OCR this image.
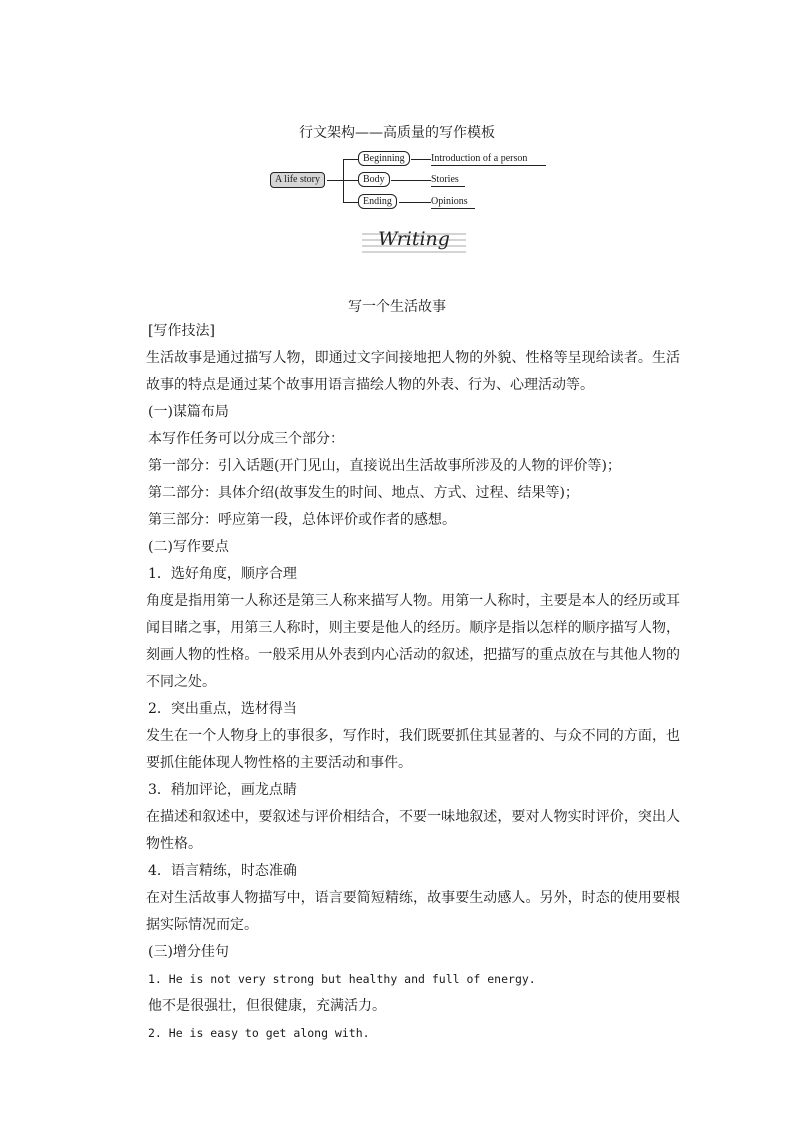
行文架构——高质量的写作模板
A life story
Beginning
Body
Ending
Introduction of a person
Stories
Opinions
Writing
写一个生活故事

[写作技法]

生活故事是通过描写人物，即通过文字间接地把人物的外貌、性格等呈现给读者。生活故事的特点是通过某个故事用语言描绘人物的外表、行为、心理活动等。

(一)谋篇布局

本写作任务可以分成三个部分：

第一部分：引入话题(开门见山，直接说出生活故事所涉及的人物的评价等)；

第二部分：具体介绍(故事发生的时间、地点、方式、过程、结果等)；

第三部分：呼应第一段，总体评价或作者的感想。

(二)写作要点

1．选好角度，顺序合理

角度是指用第一人称还是第三人称来描写人物。用第一人称时，主要是本人的经历或耳闻目睹之事，用第三人称时，则主要是他人的经历。顺序是指以怎样的顺序描写人物，刻画人物的性格。一般采用从外表到内心活动的叙述，把描写的重点放在与其他人物的不同之处。

2．突出重点，选材得当

发生在一个人物身上的事很多，写作时，我们既要抓住其显著的、与众不同的方面，也要抓住能体现人物性格的主要活动和事件。

3．稍加评论，画龙点睛

在描述和叙述中，要叙述与评价相结合，不要一味地叙述，要对人物实时评价，突出人物性格。

4．语言精练，时态准确

在对生活故事人物描写中，语言要简短精练，故事要生动感人。另外，时态的使用要根据实际情况而定。

(三)增分佳句

1. He is not very strong but healthy and full of energy.

他不是很强壮，但很健康，充满活力。

2. He is easy to get along with.
